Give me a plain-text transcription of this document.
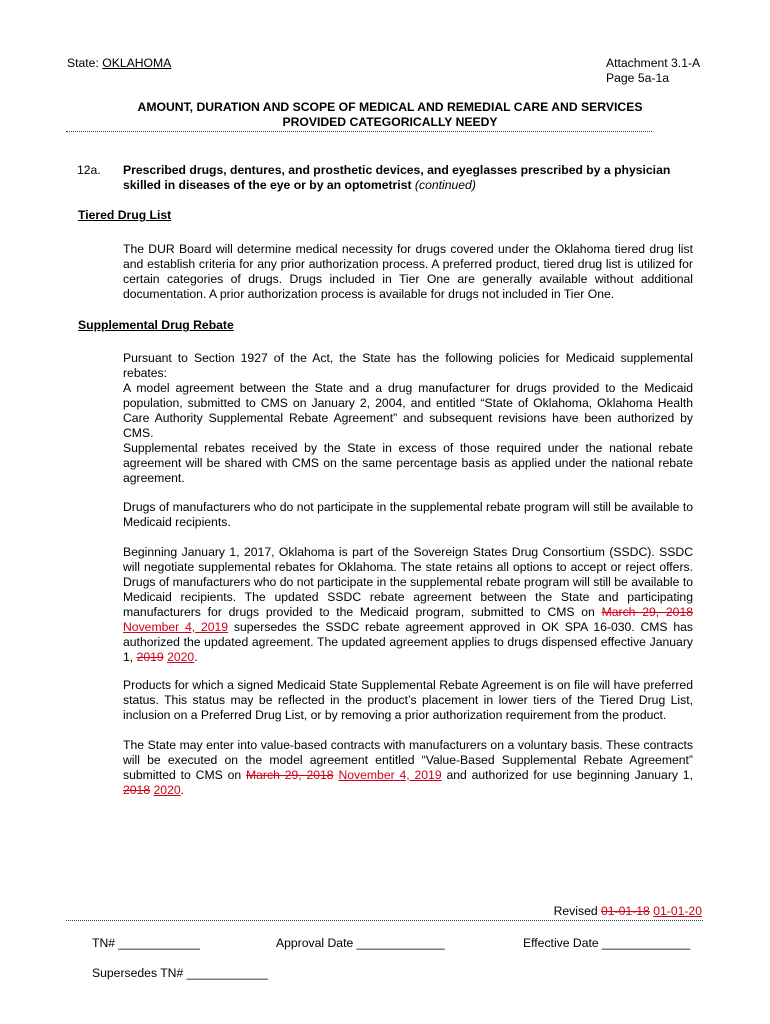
State: OKLAHOMA	Attachment 3.1-A
Page 5a-1a
AMOUNT, DURATION AND SCOPE OF MEDICAL AND REMEDIAL CARE AND SERVICES
PROVIDED CATEGORICALLY NEEDY
12a. Prescribed drugs, dentures, and prosthetic devices, and eyeglasses prescribed by a physician skilled in diseases of the eye or by an optometrist (continued)
Tiered Drug List
The DUR Board will determine medical necessity for drugs covered under the Oklahoma tiered drug list and establish criteria for any prior authorization process. A preferred product, tiered drug list is utilized for certain categories of drugs. Drugs included in Tier One are generally available without additional documentation. A prior authorization process is available for drugs not included in Tier One.
Supplemental Drug Rebate
Pursuant to Section 1927 of the Act, the State has the following policies for Medicaid supplemental rebates:
A model agreement between the State and a drug manufacturer for drugs provided to the Medicaid population, submitted to CMS on January 2, 2004, and entitled “State of Oklahoma, Oklahoma Health Care Authority Supplemental Rebate Agreement” and subsequent revisions have been authorized by CMS.
Supplemental rebates received by the State in excess of those required under the national rebate agreement will be shared with CMS on the same percentage basis as applied under the national rebate agreement.
Drugs of manufacturers who do not participate in the supplemental rebate program will still be available to Medicaid recipients.
Beginning January 1, 2017, Oklahoma is part of the Sovereign States Drug Consortium (SSDC). SSDC will negotiate supplemental rebates for Oklahoma. The state retains all options to accept or reject offers. Drugs of manufacturers who do not participate in the supplemental rebate program will still be available to Medicaid recipients. The updated SSDC rebate agreement between the State and participating manufacturers for drugs provided to the Medicaid program, submitted to CMS on March 29, 2018 November 4, 2019 supersedes the SSDC rebate agreement approved in OK SPA 16-030. CMS has authorized the updated agreement. The updated agreement applies to drugs dispensed effective January 1, 2019 2020.
Products for which a signed Medicaid State Supplemental Rebate Agreement is on file will have preferred status. This status may be reflected in the product’s placement in lower tiers of the Tiered Drug List, inclusion on a Preferred Drug List, or by removing a prior authorization requirement from the product.
The State may enter into value-based contracts with manufacturers on a voluntary basis. These contracts will be executed on the model agreement entitled “Value-Based Supplemental Rebate Agreement” submitted to CMS on March 29, 2018 November 4, 2019 and authorized for use beginning January 1, 2018 2020.
Revised 01-01-18 01-01-20
TN# ____________	Approval Date _____________	Effective Date _____________
Supersedes TN# ____________
